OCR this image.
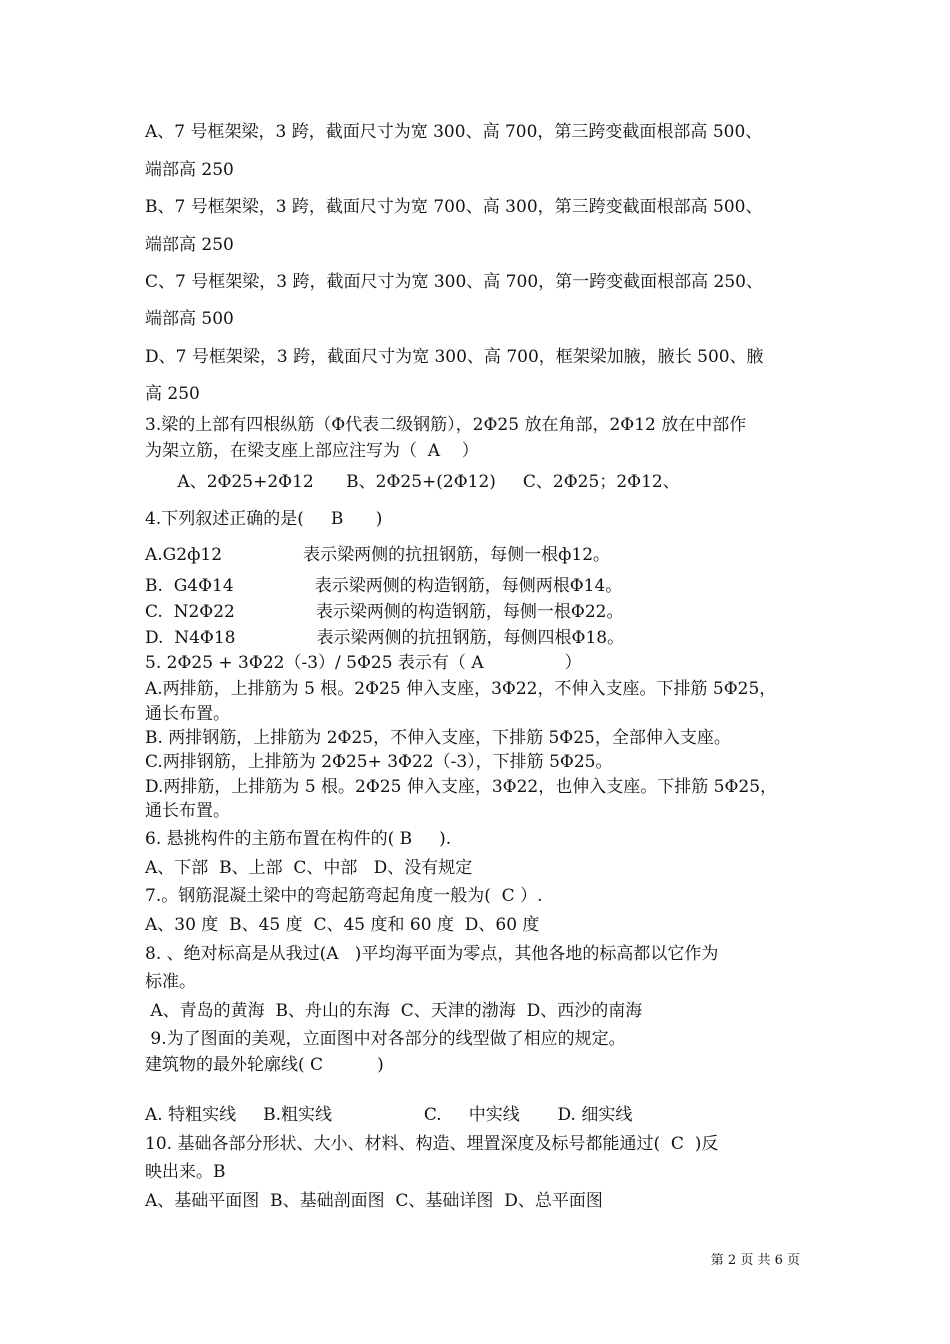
A、7 号框架梁，3 跨，截面尺寸为宽 300、高 700，第三跨变截面根部高 500、
端部高 250
B、7 号框架梁，3 跨，截面尺寸为宽 700、高 300，第三跨变截面根部高 500、
端部高 250
C、7 号框架梁，3 跨，截面尺寸为宽 300、高 700，第一跨变截面根部高 250、
端部高 500
D、7 号框架梁，3 跨，截面尺寸为宽 300、高 700，框架梁加腋，腋长 500、腋
高 250
3.梁的上部有四根纵筋（Φ代表二级钢筋），2Φ25 放在角部，2Φ12 放在中部作
为架立筋，在梁支座上部应注写为（  A    ）
A、2Φ25+2Φ12      B、2Φ25+(2Φ12)     C、2Φ25；2Φ12、
4.下列叙述正确的是(     B      )
A.G2ф12               表示梁两侧的抗扭钢筋，每侧一根ф12。
B.  G4Φ14               表示梁两侧的构造钢筋，每侧两根Φ14。
C.  N2Φ22               表示梁两侧的构造钢筋，每侧一根Φ22。
D.  N4Φ18               表示梁两侧的抗扭钢筋，每侧四根Φ18。
5. 2Φ25 + 3Φ22（-3）/ 5Φ25 表示有（ A               ）
A.两排筋，上排筋为 5 根。2Φ25 伸入支座，3Φ22，不伸入支座。下排筋 5Φ25，
通长布置。
B. 两排钢筋，上排筋为 2Φ25，不伸入支座，下排筋 5Φ25，全部伸入支座。
C.两排钢筋，上排筋为 2Φ25+ 3Φ22（-3），下排筋 5Φ25。
D.两排筋，上排筋为 5 根。2Φ25 伸入支座，3Φ22，也伸入支座。下排筋 5Φ25，
通长布置。
6. 悬挑构件的主筋布置在构件的( B     ).
A、下部  B、上部  C、中部   D、没有规定
7.。钢筋混凝土梁中的弯起筋弯起角度一般为(  C ）.
A、30 度  B、45 度  C、45 度和 60 度  D、60 度
8. 、绝对标高是从我过(A   )平均海平面为零点，其他各地的标高都以它作为
标准。
A、青岛的黄海  B、舟山的东海  C、天津的渤海  D、西沙的南海
9.为了图面的美观，立面图中对各部分的线型做了相应的规定。
建筑物的最外轮廓线( C          )
A. 特粗实线     B.粗实线                 C.     中实线       D. 细实线
10. 基础各部分形状、大小、材料、构造、埋置深度及标号都能通过(  C  )反
映出来。B
A、基础平面图  B、基础剖面图  C、基础详图  D、总平面图
第 2 页 共 6 页
